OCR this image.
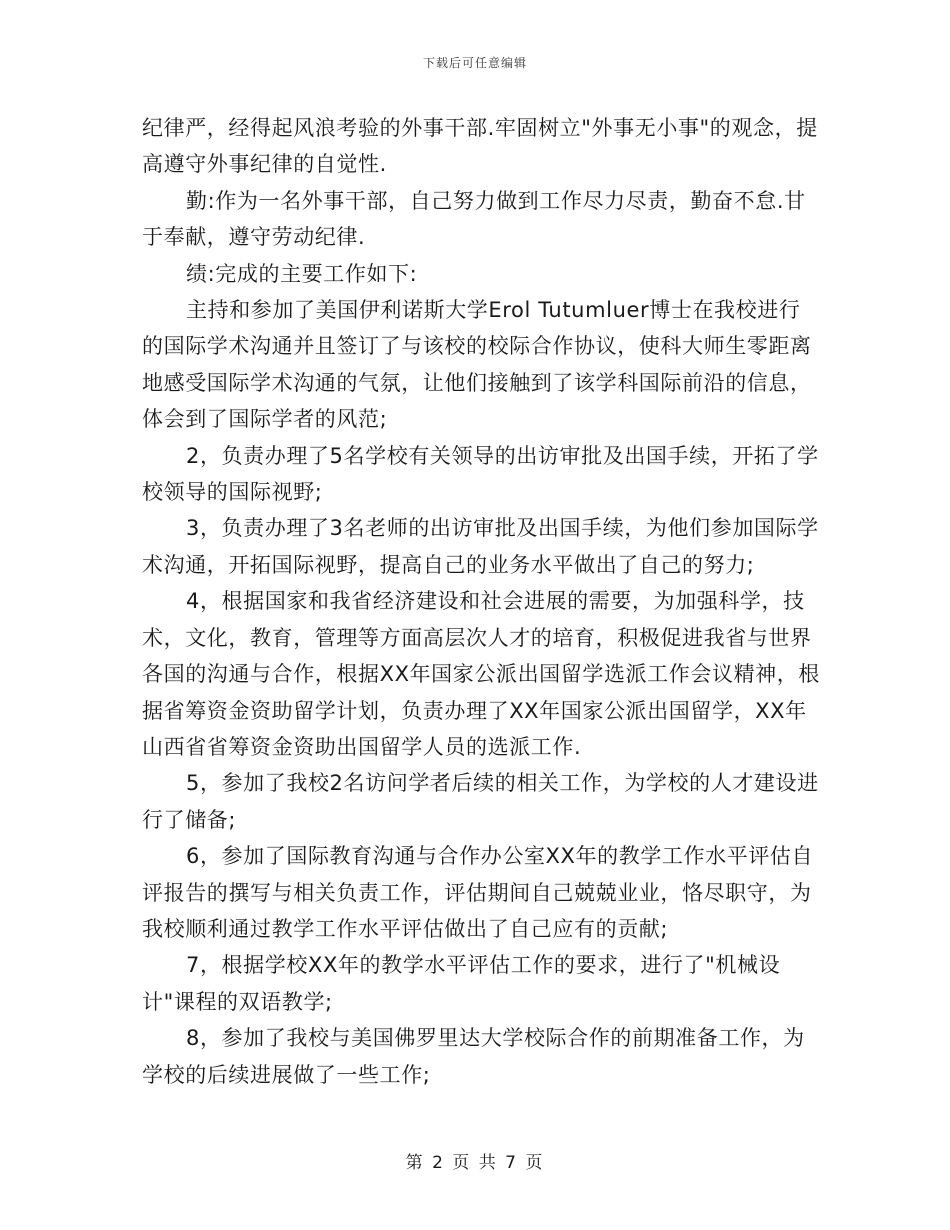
下载后可任意编辑

纪律严，经得起风浪考验的外事干部.牢固树立"外事无小事"的观念，提高遵守外事纪律的自觉性.

勤:作为一名外事干部，自己努力做到工作尽力尽责，勤奋不怠.甘于奉献，遵守劳动纪律.

绩:完成的主要工作如下:

主持和参加了美国伊利诺斯大学Erol Tutumluer博士在我校进行的国际学术沟通并且签订了与该校的校际合作协议，使科大师生零距离地感受国际学术沟通的气氛，让他们接触到了该学科国际前沿的信息，体会到了国际学者的风范;

2，负责办理了5名学校有关领导的出访审批及出国手续，开拓了学校领导的国际视野;

3，负责办理了3名老师的出访审批及出国手续，为他们参加国际学术沟通，开拓国际视野，提高自己的业务水平做出了自己的努力;

4，根据国家和我省经济建设和社会进展的需要，为加强科学，技术，文化，教育，管理等方面高层次人才的培育，积极促进我省与世界各国的沟通与合作，根据XX年国家公派出国留学选派工作会议精神，根据省筹资金资助留学计划，负责办理了XX年国家公派出国留学，XX年山西省省筹资金资助出国留学人员的选派工作.

5，参加了我校2名访问学者后续的相关工作，为学校的人才建设进行了储备;

6，参加了国际教育沟通与合作办公室XX年的教学工作水平评估自评报告的撰写与相关负责工作，评估期间自己兢兢业业，恪尽职守，为我校顺利通过教学工作水平评估做出了自己应有的贡献;

7，根据学校XX年的教学水平评估工作的要求，进行了"机械设计"课程的双语教学;

8，参加了我校与美国佛罗里达大学校际合作的前期准备工作，为学校的后续进展做了一些工作;

第 2 页 共 7 页
